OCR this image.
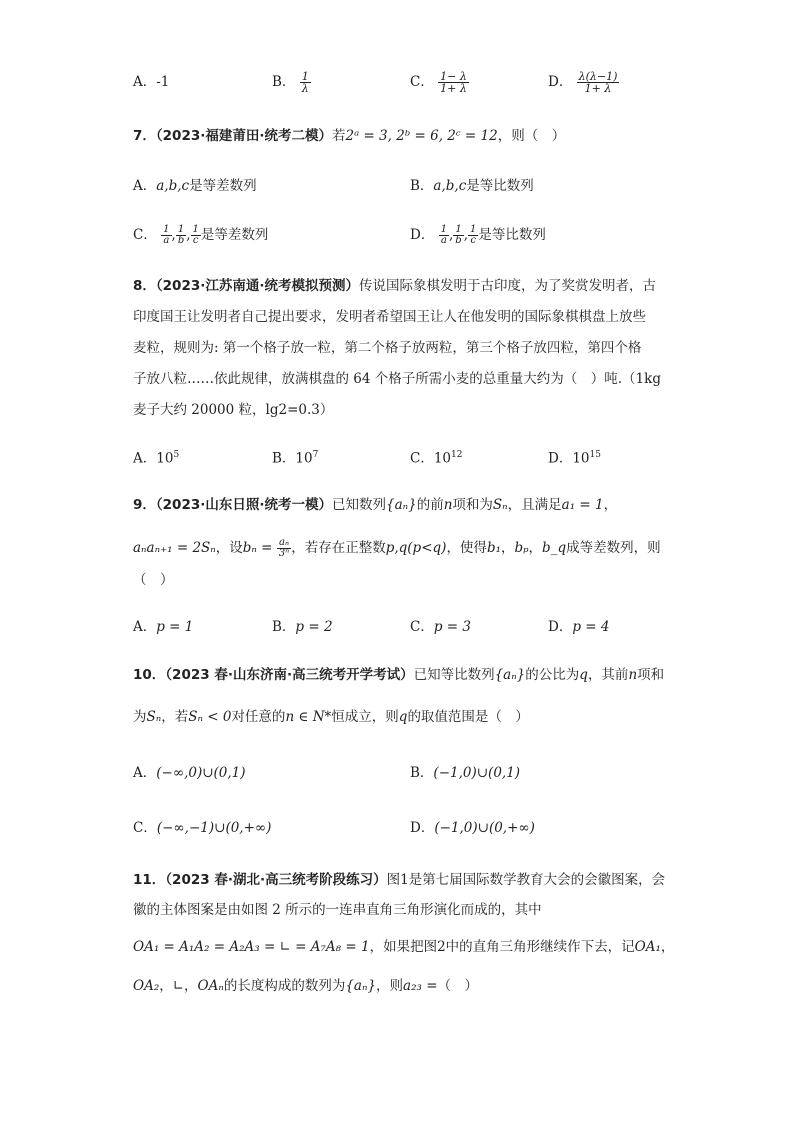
A．-1	B． $\frac{1}{\lambda}$	C． $\frac{1- \lambda}{1+ \lambda}$	D． $\frac{\lambda(\lambda-1)}{1+ \lambda}$
7．（2023·福建莆田·统考二模）若2ᵃ = 3, 2ᵇ = 6, 2ᶜ = 12，则（　）
A．a,b,c是等差数列	B．a,b,c是等比数列
C． $\frac{1}{a}$ , $\frac{1}{b}$ , $\frac{1}{c}$ 是等差数列	D． $\frac{1}{a}$ , $\frac{1}{b}$ , $\frac{1}{c}$ 是等比数列
8．（2023·江苏南通·统考模拟预测）传说国际象棋发明于古印度，为了奖赏发明者，古
印度国王让发明者自己提出要求，发明者希望国王让人在他发明的国际象棋棋盘上放些
麦粒，规则为: 第一个格子放一粒，第二个格子放两粒，第三个格子放四粒，第四个格
子放八粒……依此规律，放满棋盘的 64 个格子所需小麦的总重量大约为（　）吨.（1kg
麦子大约 20000 粒，lg2=0.3）
A．$10^5$	B．$10^7$	C．$10^{12}$	D．$10^{15}$
9．（2023·山东日照·统考一模）已知数列{aₙ}的前n项和为Sₙ，且满足a₁ = 1，
aₙaₙ₊₁ = 2Sₙ，设$b_n = \frac{\text{aₙ}}{\text{3ⁿ}}$ ，若存在正整数p,q(p<q)，使得b₁，bₚ，b_q成等差数列，则
（　）
A．p = 1	B．p = 2	C．p = 3	D．p = 4
10．（2023 春·山东济南·高三统考开学考试）已知等比数列{aₙ}的公比为q，其前n项和
为Sₙ，若Sₙ < 0对任意的n ∈ N*恒成立，则q的取值范围是（　）
A．(−∞,0)∪(0,1)	B．(−1,0)∪(0,1)
C．(−∞,−1)∪(0,+∞)	D．(−1,0)∪(0,+∞)
11．（2023 春·湖北·高三统考阶段练习）图1是第七届国际数学教育大会的会徽图案，会
徽的主体图案是由如图 2 所示的一连串直角三角形演化而成的，其中
OA₁ = A₁A₂ = A₂A₃ = ∟ = A₇A₈ = 1，如果把图2中的直角三角形继续作下去，记OA₁，
OA₂，∟，OAₙ的长度构成的数列为{aₙ}，则a₂₃ =（　）
